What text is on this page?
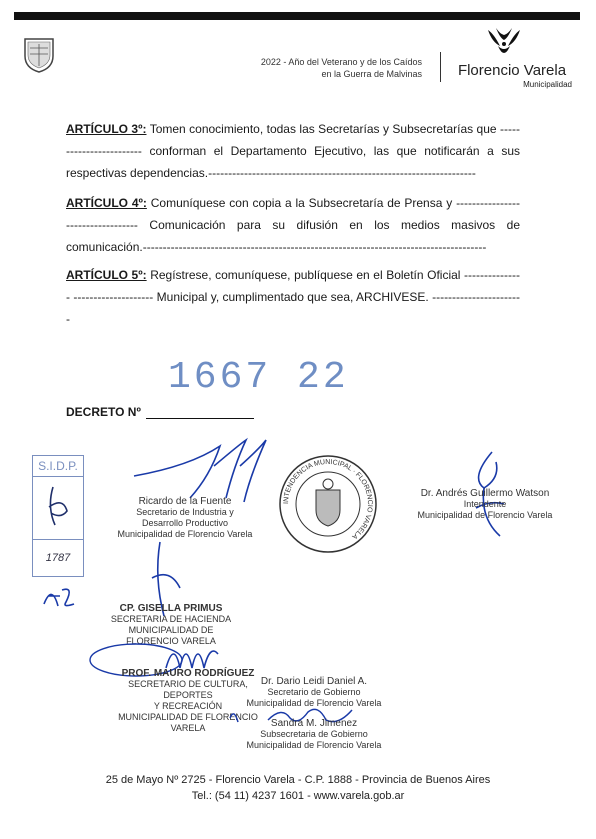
2022 - Año del Veterano y de los Caídos
en la Guerra de Malvinas	Florencio Varela
Municipalidad
ARTÍCULO 3º: Tomen conocimiento, todas las Secretarías y Subsecretarías que ----- ------------------- conforman el Departamento Ejecutivo, las que notificarán a sus respectivas dependencias.-------------------------------------------------------------------
ARTÍCULO 4º: Comuníquese con copia a la Subsecretaría de Prensa y ---------------- ------------------ Comunicación para su difusión en los medios masivos de comunicación.--------------------------------------------------------------------------------------
ARTÍCULO 5º: Regístrese, comuníquese, publíquese en el Boletín Oficial --------------- -------------------- Municipal y, cumplimentado que sea, ARCHIVESE. -----------------------
1667 22
DECRETO Nº
S.I.D.P.
1787
Ricardo de la Fuente
Secretario de Industria y
Desarrollo Productivo
Municipalidad de Florencio Varela
INTENDENCIA MUNICIPAL · FLORENCIO VARELA
Dr. Andrés Guillermo Watson
Intendente
Municipalidad de Florencio Varela
CP. GISELLA PRIMUS
SECRETARIA DE HACIENDA
MUNICIPALIDAD DE FLORENCIO VARELA
PROF. MAURO RODRÍGUEZ
SECRETARIO DE CULTURA, DEPORTES
Y RECREACIÓN
MUNICIPALIDAD DE FLORENCIO VARELA
Dr. Dario Leidi Daniel A.
Secretario de Gobierno
Municipalidad de Florencio Varela
Sandra M. Jimenez
Subsecretaria de Gobierno
Municipalidad de Florencio Varela
25 de Mayo Nº 2725 - Florencio Varela - C.P. 1888 - Provincia de Buenos Aires
Tel.: (54 11) 4237 1601 - www.varela.gob.ar
